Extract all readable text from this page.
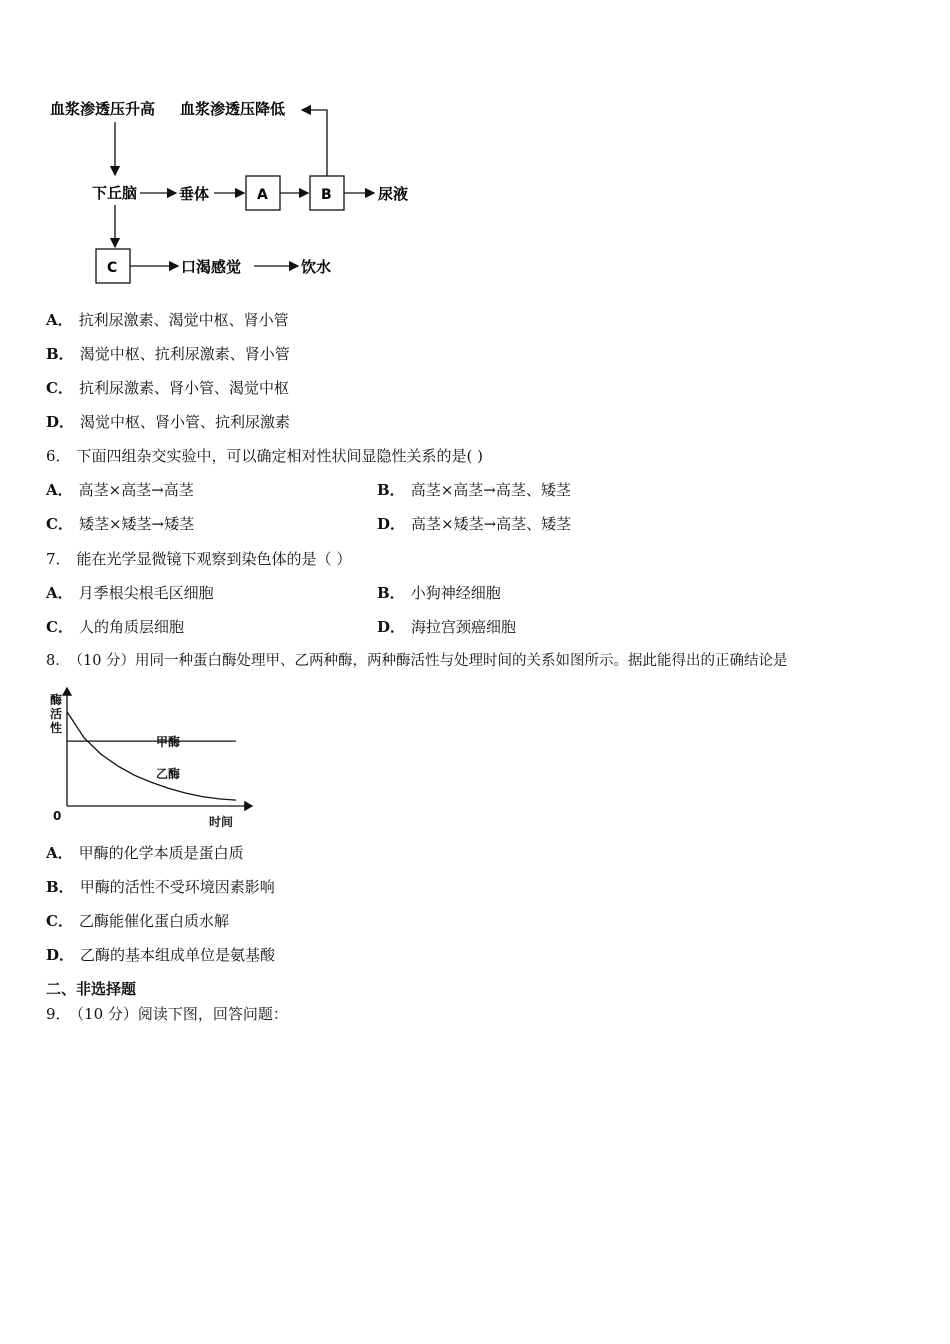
血浆渗透压升高 血浆渗透压降低
下丘脑	垂体	A	B	尿液
C	口渴感觉	饮水
A． 抗利尿激素、渴觉中枢、肾小管
B． 渴觉中枢、抗利尿激素、肾小管
C． 抗利尿激素、肾小管、渴觉中枢
D． 渴觉中枢、肾小管、抗利尿激素
6． 下面四组杂交实验中，可以确定相对性状间显隐性关系的是( )
A． 高茎×高茎→高茎	B． 高茎×高茎→高茎、矮茎
C． 矮茎×矮茎→矮茎	D． 高茎×矮茎→高茎、矮茎
7． 能在光学显微镜下观察到染色体的是（ ）
A． 月季根尖根毛区细胞	B． 小狗神经细胞
C． 人的角质层细胞	D． 海拉宫颈癌细胞
8． （10 分）用同一种蛋白酶处理甲、乙两种酶，两种酶活性与处理时间的关系如图所示。据此能得出的正确结论是
酶
活
性
0	时间
甲酶
乙酶
A． 甲酶的化学本质是蛋白质
B． 甲酶的活性不受环境因素影响
C． 乙酶能催化蛋白质水解
D． 乙酶的基本组成单位是氨基酸
二、非选择题
9． （10 分）阅读下图，回答问题：
